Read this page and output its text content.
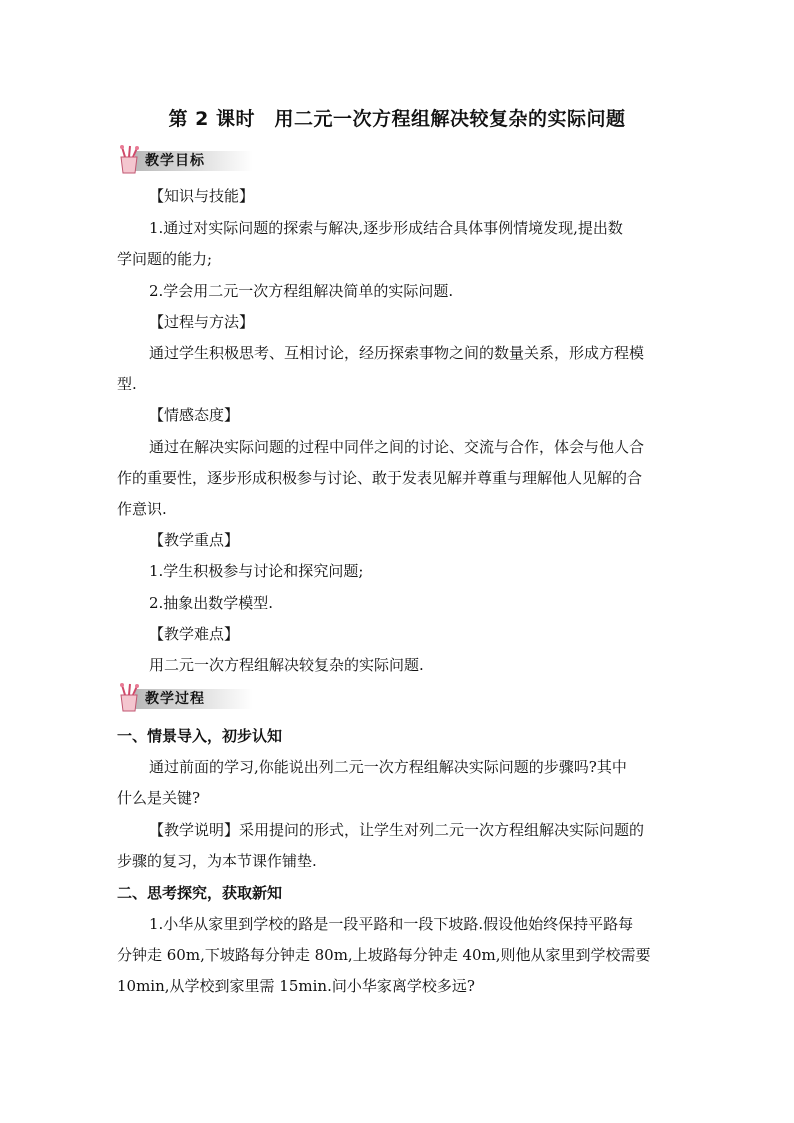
第 2 课时　用二元一次方程组解决较复杂的实际问题
教学目标
【知识与技能】
1.通过对实际问题的探索与解决,逐步形成结合具体事例情境发现,提出数
学问题的能力;
2.学会用二元一次方程组解决简单的实际问题.
【过程与方法】
通过学生积极思考、互相讨论，经历探索事物之间的数量关系，形成方程模
型.
【情感态度】
通过在解决实际问题的过程中同伴之间的讨论、交流与合作，体会与他人合
作的重要性，逐步形成积极参与讨论、敢于发表见解并尊重与理解他人见解的合
作意识.
【教学重点】
1.学生积极参与讨论和探究问题;
2.抽象出数学模型.
【教学难点】
用二元一次方程组解决较复杂的实际问题.
教学过程
一、情景导入，初步认知
通过前面的学习,你能说出列二元一次方程组解决实际问题的步骤吗?其中
什么是关键?
【教学说明】采用提问的形式，让学生对列二元一次方程组解决实际问题的
步骤的复习，为本节课作铺垫.
二、思考探究，获取新知
1.小华从家里到学校的路是一段平路和一段下坡路.假设他始终保持平路每
分钟走 60m,下坡路每分钟走 80m,上坡路每分钟走 40m,则他从家里到学校需要
10min,从学校到家里需 15min.问小华家离学校多远?
